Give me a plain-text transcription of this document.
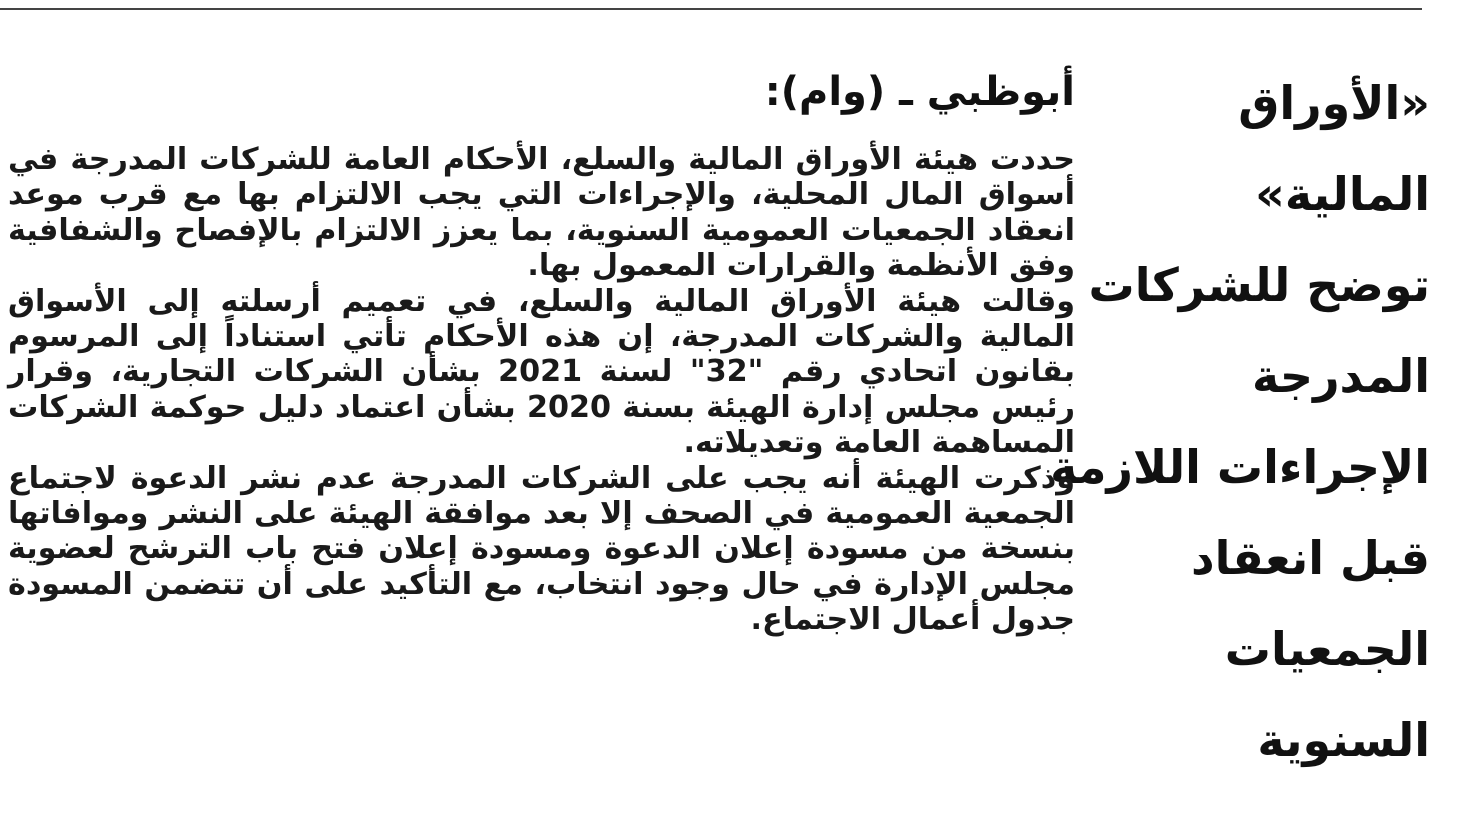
«الأوراق
المالية»
توضح للشركات
المدرجة
الإجراءات اللازمة
قبل انعقاد
الجمعيات
السنوية

أبوظبي ـ (وام):

حددت هيئة الأوراق المالية والسلع، الأحكام العامة للشركات المدرجة في أسواق المال المحلية، والإجراءات التي يجب الالتزام بها مع قرب موعد انعقاد الجمعيات العمومية السنوية، بما يعزز الالتزام بالإفصاح والشفافية وفق الأنظمة والقرارات المعمول بها.

وقالت هيئة الأوراق المالية والسلع، في تعميم أرسلته إلى الأسواق المالية والشركات المدرجة، إن هذه الأحكام تأتي استناداً إلى المرسوم بقانون اتحادي رقم "32" لسنة 2021 بشأن الشركات التجارية، وقرار رئيس مجلس إدارة الهيئة بسنة 2020 بشأن اعتماد دليل حوكمة الشركات المساهمة العامة وتعديلاته.

وذكرت الهيئة أنه يجب على الشركات المدرجة عدم نشر الدعوة لاجتماع الجمعية العمومية في الصحف إلا بعد موافقة الهيئة على النشر وموافاتها بنسخة من مسودة إعلان الدعوة ومسودة إعلان فتح باب الترشح لعضوية مجلس الإدارة في حال وجود انتخاب، مع التأكيد على أن تتضمن المسودة جدول أعمال الاجتماع.
